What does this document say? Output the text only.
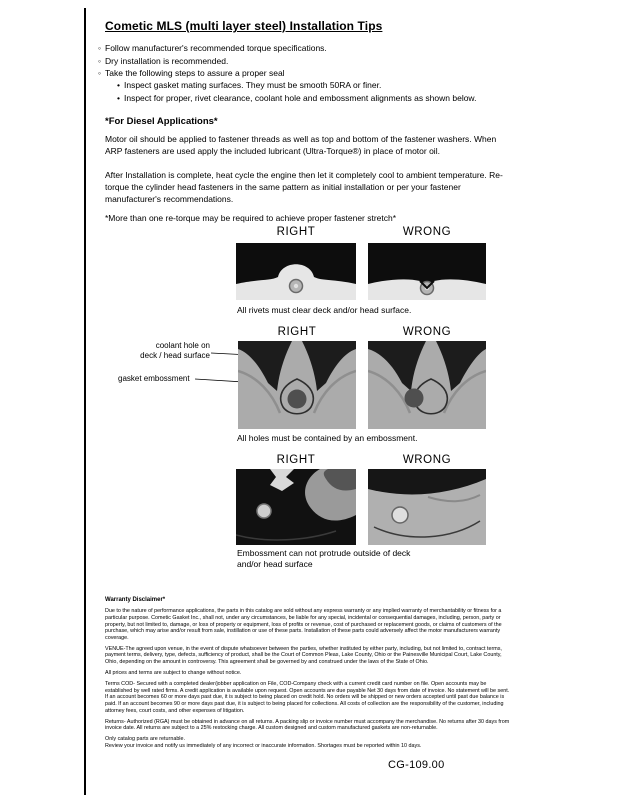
Cometic MLS (multi layer steel) Installation Tips
◦
Follow manufacturer's recommended torque specifications.
◦
Dry installation is recommended.
◦
Take the following steps to assure a proper seal
•
Inspect gasket mating surfaces. They must be smooth 50RA or finer.
•
Inspect for proper, rivet clearance, coolant hole and embossment alignments as shown below.
*For Diesel Applications*
Motor oil should be applied to fastener threads as well as top and bottom of the fastener washers. When ARP fasteners are used apply the included lubricant (Ultra-Torque®) in place of motor oil.
After Installation is complete, heat cycle the engine then let it completely cool to ambient temperature. Re-torque the cylinder head fasteners in the same pattern as initial installation or per your fastener manufacturer's recommendations.
*More than one re-torque may be required to achieve proper fastener stretch*
RIGHT	WRONG
All rivets must clear deck and/or head surface.
RIGHT	WRONG
coolant hole on
deck / head surface
gasket embossment
All holes must be contained by an embossment.
RIGHT	WRONG
Embossment can not protrude outside of deck
and/or head surface
Warranty Disclaimer*

Due to the nature of performance applications, the parts in this catalog are sold without any express warranty or any implied warranty of merchantability or fitness for a particular purpose. Cometic Gasket Inc., shall not, under any circumstances, be liable for any special, incidental or consequential damages, including, person, party or property, but not limited to, damage, or loss of property or equipment, loss of profits or revenue, cost of purchased or replacement goods, or claims of customers of the purchase, which may arise and/or result from sale, instillation or use of these parts. Installation of these parts could adversely affect the motor manufacturers warranty coverage.

VENUE-The agreed upon venue, in the event of dispute whatsoever between the parties, whether instituted by either party, including, but not limited to, contract terms, payment terms, delivery, type, defects, sufficiency of product, shall be the Court of Common Pleas, Lake County, Ohio or the Painesville Municipal Court, Lake County, Ohio, depending on the amount in controversy. This agreement shall be governed by and construed under the laws of the State of Ohio.

All prices and terms are subject to change without notice.

Terms COD- Secured with a completed dealer/jobber application on File, COD-Company check with a current credit card number on file. Open accounts may be established by well rated firms. A credit application is available upon request. Open accounts are due payable Net 30 days from date of invoice. No statement will be sent. If an account becomes 60 or more days past due, it is subject to being placed on credit hold. No orders will be shipped or new orders accepted until past due balance is paid. If an account becomes 90 or more days past due, it is subject to being placed for collections. All costs of collection are the responsibility of the customer, including attorney fees, court costs, and other expenses of litigation.

Returns- Authorized (RGA) must be obtained in advance on all returns. A packing slip or invoice number must accompany the merchandise. No returns after 30 days from invoice date. All returns are subject to a 25% restocking charge. All custom designed and custom manufactured gaskets are non-returnable.

Only catalog parts are returnable.

Review your invoice and notify us immediately of any incorrect or inaccurate information. Shortages must be reported within 10 days.

CG-109.00
